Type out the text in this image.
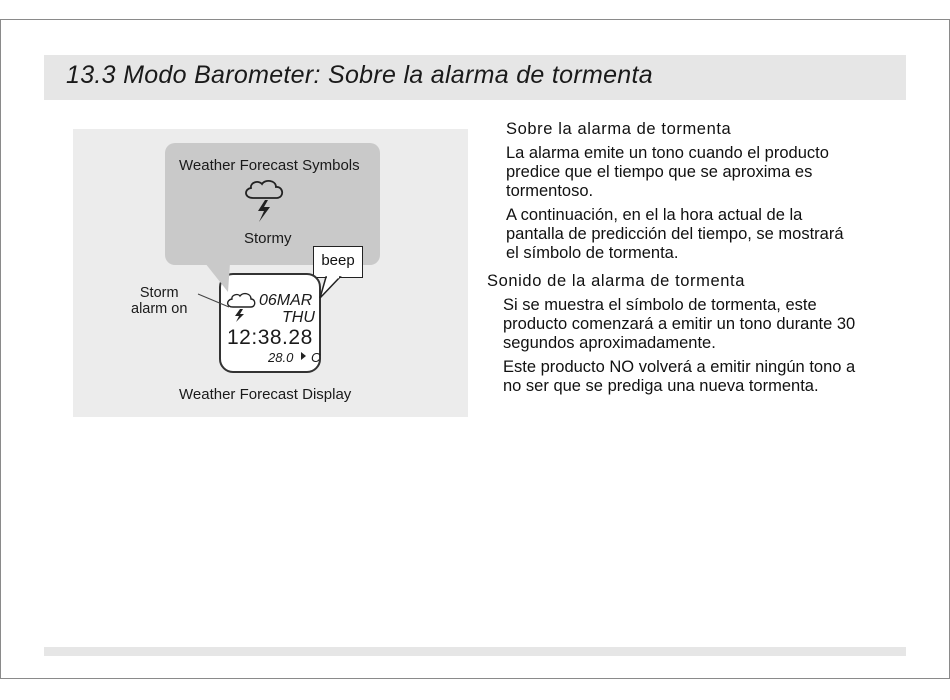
13.3 Modo Barometer: Sobre la alarma de tormenta
Weather Forecast Symbols
Stormy
beep
Storm
alarm on	06MAR
THU
12:38.28
28.0 C
Weather Forecast Display
Sobre la alarma de tormenta
La alarma emite un tono cuando el producto
predice que el tiempo que se aproxima es
tormentoso.
A continuación, en el la hora actual de la
pantalla de predicción del tiempo, se mostrará
el símbolo de tormenta.
Sonido de la alarma de tormenta
Si se muestra el símbolo de tormenta, este
producto comenzará a emitir un tono durante 30
segundos aproximadamente.
Este producto NO volverá a emitir ningún tono a
no ser que se prediga una nueva tormenta.
